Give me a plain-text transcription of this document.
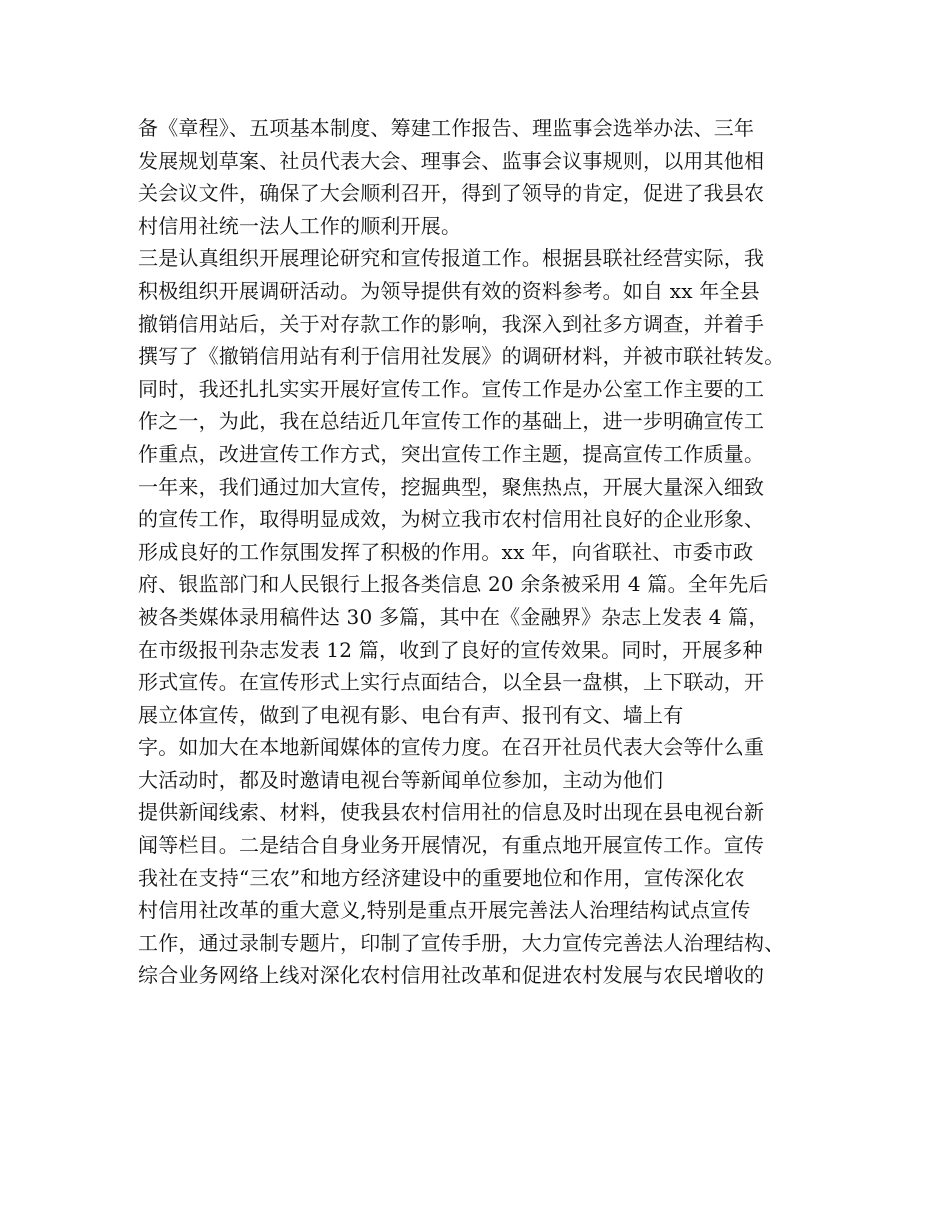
备《章程》、五项基本制度、筹建工作报告、理监事会选举办法、三年
发展规划草案、社员代表大会、理事会、监事会议事规则，以用其他相
关会议文件，确保了大会顺利召开，得到了领导的肯定，促进了我县农
村信用社统一法人工作的顺利开展。
三是认真组织开展理论研究和宣传报道工作。根据县联社经营实际，我
积极组织开展调研活动。为领导提供有效的资料参考。如自 xx 年全县
撤销信用站后，关于对存款工作的影响，我深入到社多方调查，并着手
撰写了《撤销信用站有利于信用社发展》的调研材料，并被市联社转发。
同时，我还扎扎实实开展好宣传工作。宣传工作是办公室工作主要的工
作之一，为此，我在总结近几年宣传工作的基础上，进一步明确宣传工
作重点，改进宣传工作方式，突出宣传工作主题，提高宣传工作质量。
一年来，我们通过加大宣传，挖掘典型，聚焦热点，开展大量深入细致
的宣传工作，取得明显成效，为树立我市农村信用社良好的企业形象、
形成良好的工作氛围发挥了积极的作用。xx 年，向省联社、市委市政
府、银监部门和人民银行上报各类信息 20 余条被采用 4 篇。全年先后
被各类媒体录用稿件达 30 多篇，其中在《金融界》杂志上发表 4 篇，
在市级报刊杂志发表 12 篇，收到了良好的宣传效果。同时，开展多种
形式宣传。在宣传形式上实行点面结合，以全县一盘棋，上下联动，开
展立体宣传，做到了电视有影、电台有声、报刊有文、墙上有
字。如加大在本地新闻媒体的宣传力度。在召开社员代表大会等什么重
大活动时，都及时邀请电视台等新闻单位参加，主动为他们
提供新闻线索、材料，使我县农村信用社的信息及时出现在县电视台新
闻等栏目。二是结合自身业务开展情况，有重点地开展宣传工作。宣传
我社在支持“三农”和地方经济建设中的重要地位和作用，宣传深化农
村信用社改革的重大意义,特别是重点开展完善法人治理结构试点宣传
工作，通过录制专题片，印制了宣传手册，大力宣传完善法人治理结构、
综合业务网络上线对深化农村信用社改革和促进农村发展与农民增收的
